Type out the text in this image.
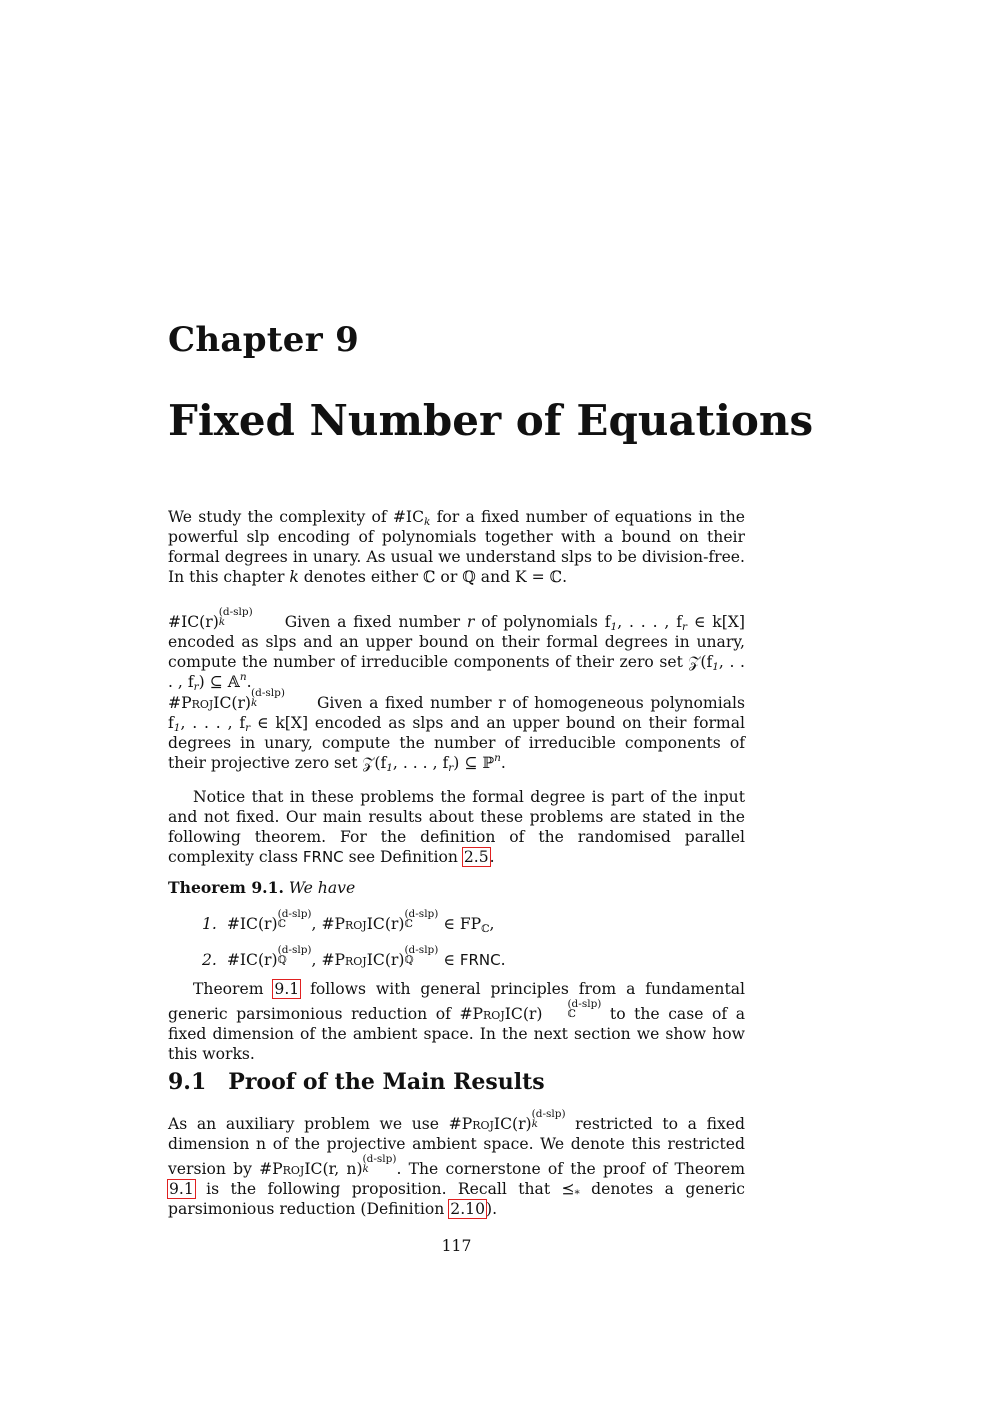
Chapter 9
Fixed Number of Equations

We study the complexity of $\#IC_k$ for a fixed number of equations in the powerful slp encoding of polynomials together with a bound on their formal degrees in unary. As usual we understand slps to be division-free. In this chapter k denotes either ℂ or ℚ and K = ℂ.

#IC(r)
(d-slp)
k	Given a fixed number r of polynomials $f_1$, . . . , $f_r$ ∈ k[X] encoded as slps and an upper bound on their formal degrees in unary, compute the number of irreducible components of their zero set $𝒵(f_1$, . . . , $f_r$) ⊆ 𝔸$^n$.

#ProjIC(r)
(d-slp)
k	Given a fixed number r of homogeneous polynomials $f_1$, . . . , $f_r$ ∈ k[X] encoded as slps and an upper bound on their formal degrees in unary, compute the number of irreducible components of their projective zero set $𝒵(f_1$, . . . , $f_r$) ⊆ ℙ$^n$.

Notice that in these problems the formal degree is part of the input and not fixed. Our main results about these problems are stated in the following theorem. For the definition of the randomised parallel complexity class FRNC see Definition 2.5.

Theorem 9.1. We have

1. #IC(r)
(d-slp)
ℂ	, #ProjIC(r)
(d-slp)
ℂ	∈ $FP_ℂ$,
2. #IC(r)
(d-slp)
ℚ	, #ProjIC(r)
(d-slp)
ℚ	∈ FRNC.

Theorem 9.1 follows with general principles from a fundamental generic parsimonious reduction of #ProjIC(r)
(d-slp)
ℂ	to the case of a fixed dimension of the ambient space. In the next section we show how this works.

9.1 Proof of the Main Results

As an auxiliary problem we use #ProjIC(r)
(d-slp)
k	restricted to a fixed dimension n of the projective ambient space. We denote this restricted version by #ProjIC(r, n)
(d-slp)
k	. The cornerstone of the proof of Theorem 9.1 is the following proposition. Recall that $⪯_*$ denotes a generic parsimonious reduction (Definition 2.10).

117
